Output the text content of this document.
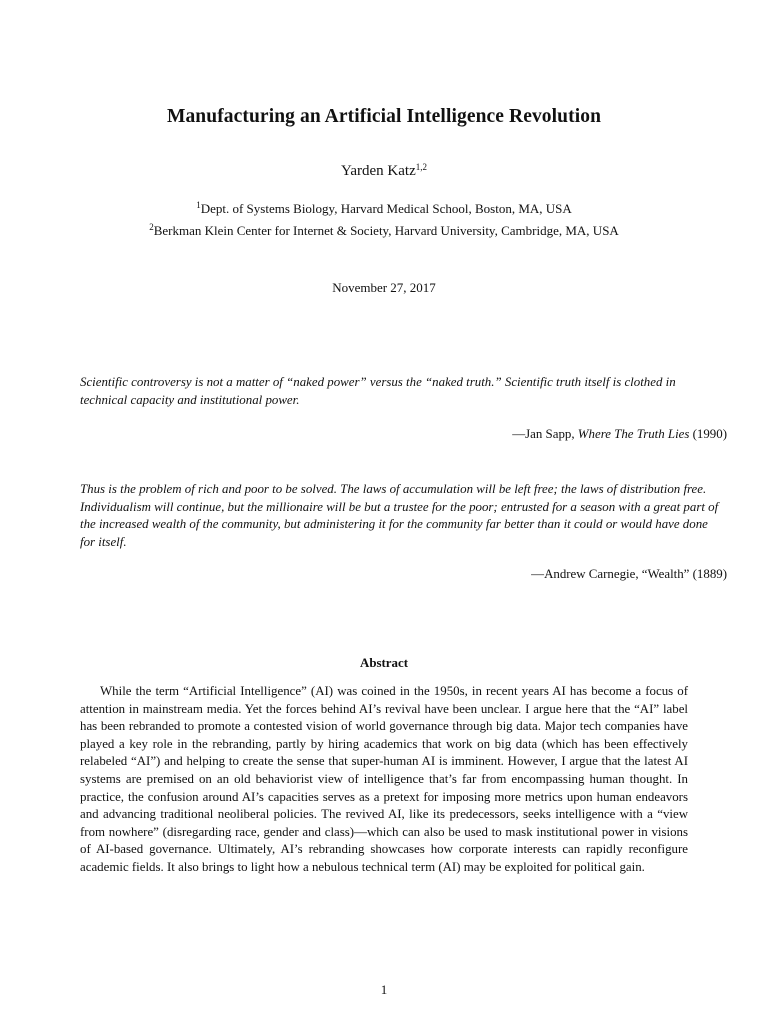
Manufacturing an Artificial Intelligence Revolution
Yarden Katz$^{1,2}$
$^1$Dept. of Systems Biology, Harvard Medical School, Boston, MA, USA
$^2$Berkman Klein Center for Internet & Society, Harvard University, Cambridge, MA, USA
November 27, 2017

Scientific controversy is not a matter of “naked power” versus the “naked truth.” Scientific truth itself is clothed in technical capacity and institutional power.

—Jan Sapp, Where The Truth Lies (1990)

Thus is the problem of rich and poor to be solved. The laws of accumulation will be left free; the laws of distribution free. Individualism will continue, but the millionaire will be but a trustee for the poor; entrusted for a season with a great part of the increased wealth of the community, but administering it for the community far better than it could or would have done for itself.

—Andrew Carnegie, “Wealth” (1889)
Abstract

While the term “Artificial Intelligence” (AI) was coined in the 1950s, in recent years AI has become a focus of attention in mainstream media. Yet the forces behind AI’s revival have been unclear. I argue here that the “AI” label has been rebranded to promote a contested vision of world governance through big data. Major tech companies have played a key role in the rebranding, partly by hiring academics that work on big data (which has been effectively relabeled “AI”) and helping to create the sense that super-human AI is imminent. However, I argue that the latest AI systems are premised on an old behaviorist view of intelligence that’s far from encompassing human thought. In practice, the confusion around AI’s capacities serves as a pretext for imposing more metrics upon human endeavors and advancing traditional neoliberal policies. The revived AI, like its predecessors, seeks intelligence with a “view from nowhere” (disregarding race, gender and class)—which can also be used to mask institutional power in visions of AI-based governance. Ultimately, AI’s rebranding showcases how corporate interests can rapidly reconfigure academic fields. It also brings to light how a nebulous technical term (AI) may be exploited for political gain.

1
